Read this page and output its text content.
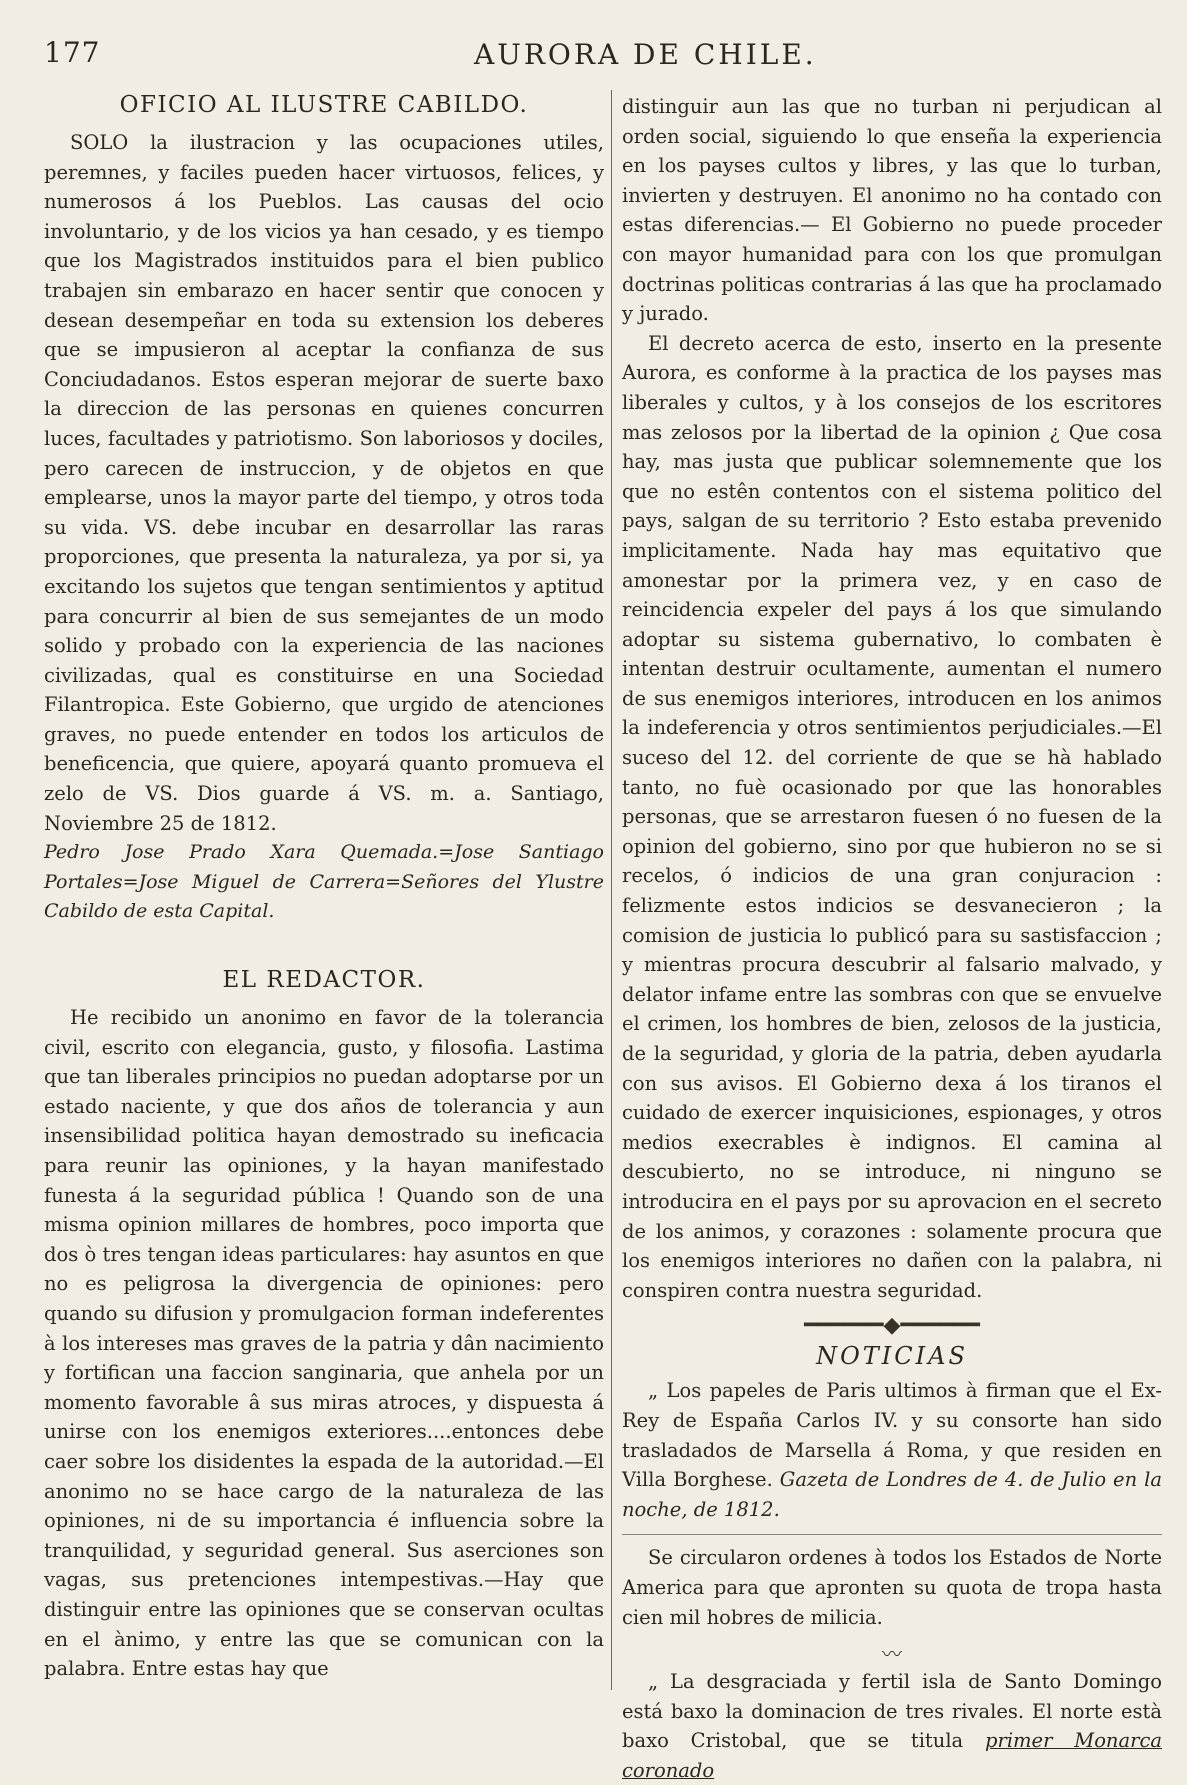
177	AURORA DE CHILE.
OFICIO AL ILUSTRE CABILDO.

SOLO la ilustracion y las ocupaciones utiles, peremnes, y faciles pueden hacer virtuosos, felices, y numerosos á los Pueblos. Las causas del ocio involuntario, y de los vicios ya han cesado, y es tiempo que los Magistrados instituidos para el bien publico trabajen sin embarazo en hacer sentir que conocen y desean desempeñar en toda su extension los deberes que se impusieron al aceptar la confianza de sus Conciudadanos. Estos esperan mejorar de suerte baxo la direccion de las personas en quienes concurren luces, facultades y patriotismo. Son laboriosos y dociles, pero carecen de instruccion, y de objetos en que emplearse, unos la mayor parte del tiempo, y otros toda su vida. VS. debe incubar en desarrollar las raras proporciones, que presenta la naturaleza, ya por si, ya excitando los sujetos que tengan sentimientos y aptitud para concurrir al bien de sus semejantes de un modo solido y probado con la experiencia de las naciones civilizadas, qual es constituirse en una Sociedad Filantropica. Este Gobierno, que urgido de atenciones graves, no puede entender en todos los articulos de beneficencia, que quiere, apoyará quanto promueva el zelo de VS. Dios guarde á VS. m. a. Santiago, Noviembre 25 de 1812.

Pedro Jose Prado Xara Quemada.=Jose Santiago Portales=Jose Miguel de Carrera=Señores del Ylustre Cabildo de esta Capital.

EL REDACTOR.

He recibido un anonimo en favor de la tolerancia civil, escrito con elegancia, gusto, y filosofia. Lastima que tan liberales principios no puedan adoptarse por un estado naciente, y que dos años de tolerancia y aun insensibilidad politica hayan demostrado su ineficacia para reunir las opiniones, y la hayan manifestado funesta á la seguridad pública ! Quando son de una misma opinion millares de hombres, poco importa que dos ò tres tengan ideas particulares: hay asuntos en que no es peligrosa la divergencia de opiniones: pero quando su difusion y promulgacion forman indeferentes à los intereses mas graves de la patria y dân nacimiento y fortifican una faccion sanginaria, que anhela por un momento favorable â sus miras atroces, y dispuesta á unirse con los enemigos exteriores....entonces debe caer sobre los disidentes la espada de la autoridad.—El anonimo no se hace cargo de la naturaleza de las opiniones, ni de su importancia é influencia sobre la tranquilidad, y seguridad general. Sus aserciones son vagas, sus pretenciones intempestivas.—Hay que distinguir entre las opiniones que se conservan ocultas en el ànimo, y entre las que se comunican con la palabra. Entre estas hay que

distinguir aun las que no turban ni perjudican al orden social, siguiendo lo que enseña la experiencia en los payses cultos y libres, y las que lo turban, invierten y destruyen. El anonimo no ha contado con estas diferencias.— El Gobierno no puede proceder con mayor humanidad para con los que promulgan doctrinas politicas contrarias á las que ha proclamado y jurado.

El decreto acerca de esto, inserto en la presente Aurora, es conforme à la practica de los payses mas liberales y cultos, y à los consejos de los escritores mas zelosos por la libertad de la opinion ¿ Que cosa hay, mas justa que publicar solemnemente que los que no estên contentos con el sistema politico del pays, salgan de su territorio ? Esto estaba prevenido implicitamente. Nada hay mas equitativo que amonestar por la primera vez, y en caso de reincidencia expeler del pays á los que simulando adoptar su sistema gubernativo, lo combaten è intentan destruir ocultamente, aumentan el numero de sus enemigos interiores, introducen en los animos la indeferencia y otros sentimientos perjudiciales.—El suceso del 12. del corriente de que se hà hablado tanto, no fuè ocasionado por que las honorables personas, que se arrestaron fuesen ó no fuesen de la opinion del gobierno, sino por que hubieron no se si recelos, ó indicios de una gran conjuracion : felizmente estos indicios se desvanecieron ; la comision de justicia lo publicó para su sastisfaccion ; y mientras procura descubrir al falsario malvado, y delator infame entre las sombras con que se envuelve el crimen, los hombres de bien, zelosos de la justicia, de la seguridad, y gloria de la patria, deben ayudarla con sus avisos. El Gobierno dexa á los tiranos el cuidado de exercer inquisiciones, espionages, y otros medios execrables è indignos. El camina al descubierto, no se introduce, ni ninguno se introducira en el pays por su aprovacion en el secreto de los animos, y corazones : solamente procura que los enemigos interiores no dañen con la palabra, ni conspiren contra nuestra seguridad.

━━━━━━◆━━━━━━
NOTICIAS

„ Los papeles de Paris ultimos à firman que el Ex-Rey de España Carlos IV. y su consorte han sido trasladados de Marsella á Roma, y que residen en Villa Borghese. Gazeta de Londres de 4. de Julio en la noche, de 1812.

Se circularon ordenes à todos los Estados de Norte America para que apronten su quota de tropa hasta cien mil hobres de milicia.

〰

„ La desgraciada y fertil isla de Santo Domingo está baxo la dominacion de tres rivales. El norte està baxo Cristobal, que se titula primer Monarca coronado
